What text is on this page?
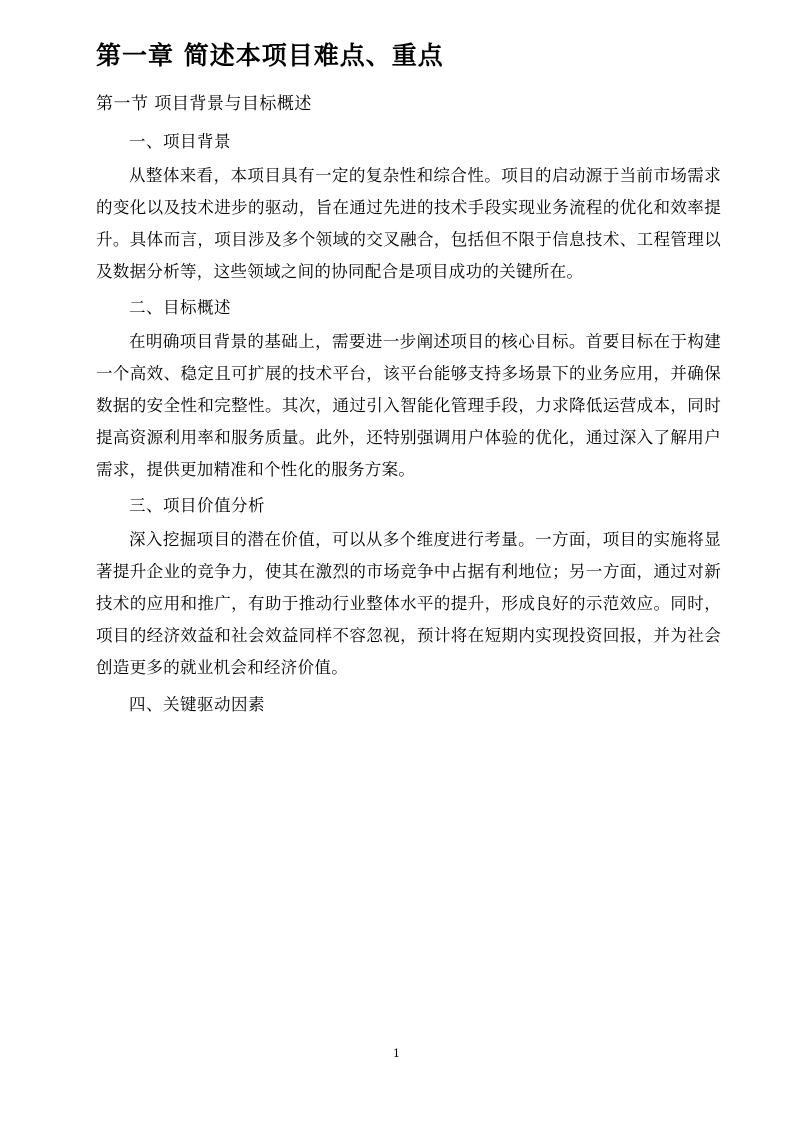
第一章 简述本项目难点、重点
第一节 项目背景与目标概述
一、项目背景

从整体来看，本项目具有一定的复杂性和综合性。项目的启动源于当前市场需求的变化以及技术进步的驱动，旨在通过先进的技术手段实现业务流程的优化和效率提升。具体而言，项目涉及多个领域的交叉融合，包括但不限于信息技术、工程管理以及数据分析等，这些领域之间的协同配合是项目成功的关键所在。

二、目标概述

在明确项目背景的基础上，需要进一步阐述项目的核心目标。首要目标在于构建一个高效、稳定且可扩展的技术平台，该平台能够支持多场景下的业务应用，并确保数据的安全性和完整性。其次，通过引入智能化管理手段，力求降低运营成本，同时提高资源利用率和服务质量。此外，还特别强调用户体验的优化，通过深入了解用户需求，提供更加精准和个性化的服务方案。

三、项目价值分析

深入挖掘项目的潜在价值，可以从多个维度进行考量。一方面，项目的实施将显著提升企业的竞争力，使其在激烈的市场竞争中占据有利地位；另一方面，通过对新技术的应用和推广，有助于推动行业整体水平的提升，形成良好的示范效应。同时，项目的经济效益和社会效益同样不容忽视，预计将在短期内实现投资回报，并为社会创造更多的就业机会和经济价值。

四、关键驱动因素
1
